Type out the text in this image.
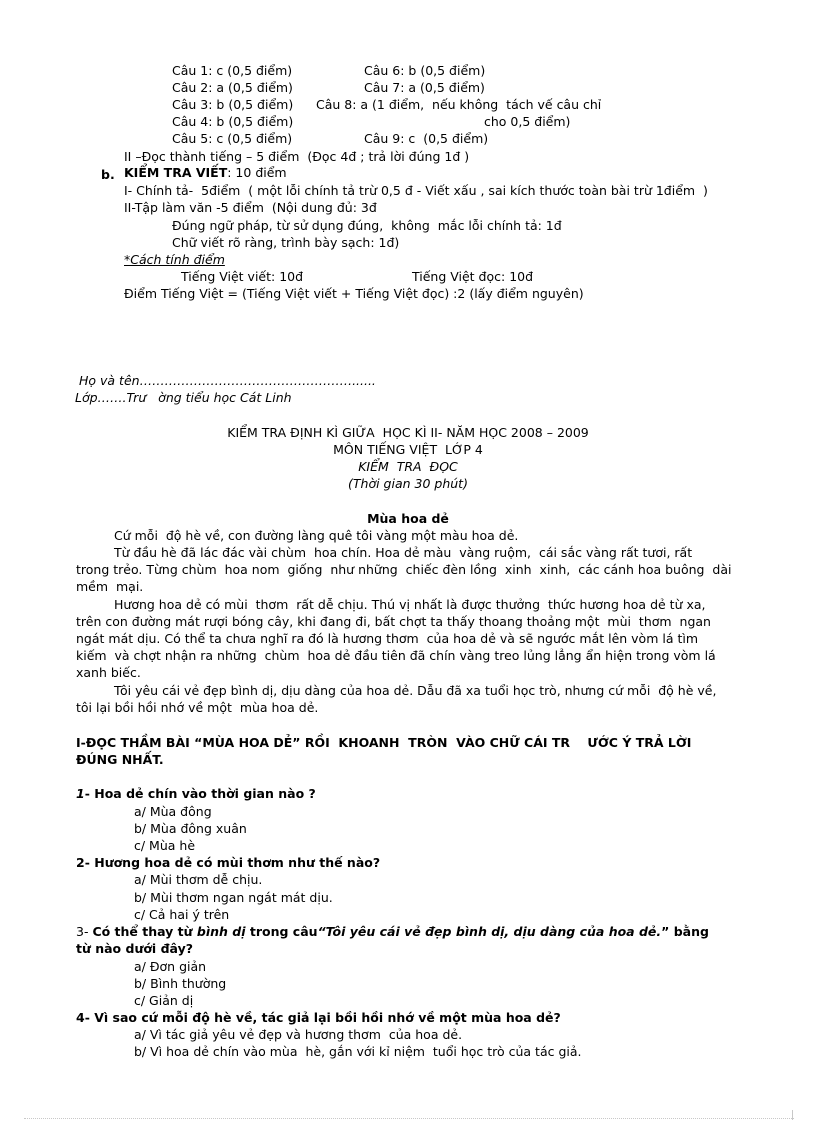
Câu 1: c (0,5 điểm)	Câu 6: b (0,5 điểm)
Câu 2: a (0,5 điểm)	Câu 7: a (0,5 điểm)
Câu 3: b (0,5 điểm) Câu 8: a (1 điểm,  nếu không  tách vế câu chỉ
Câu 4: b (0,5 điểm)	cho 0,5 điểm)
Câu 5: c (0,5 điểm)	Câu 9: c  (0,5 điểm)
II –Đọc thành tiếng – 5 điểm  (Đọc 4đ ; trả lời đúng 1đ )
b. KIỂM TRA VIẾT: 10 điểm
I- Chính tả-  5điểm  ( một lỗi chính tả trừ 0,5 đ - Viết xấu , sai kích thước toàn bài trừ 1điểm  )
II-Tập làm văn -5 điểm  (Nội dung đủ: 3đ
Đúng ngữ pháp, từ sử dụng đúng,  không  mắc lỗi chính tả: 1đ
Chữ viết rõ ràng, trình bày sạch: 1đ)
*Cách tính điểm
Tiếng Việt viết: 10đ	Tiếng Việt đọc: 10đ
Điểm Tiếng Việt = (Tiếng Việt viết + Tiếng Việt đọc) :2 (lấy điểm nguyên)
Họ và tên……………………………………………......
Lớp…….Trư   ờng tiểu học Cát Linh
KIỂM TRA ĐỊNH KÌ GIỮA  HỌC KÌ II- NĂM HỌC 2008 – 2009
MÔN TIẾNG VIỆT  LỚP 4
KIỂM  TRA  ĐỌC
(Thời gian 30 phút)
Mùa hoa dẻ
Cứ mỗi  độ hè về, con đường làng quê tôi vàng một màu hoa dẻ.
Từ đầu hè đã lác đác vài chùm  hoa chín. Hoa dẻ màu  vàng ruộm,  cái sắc vàng rất tươi, rất
trong trẻo. Từng chùm  hoa nom  giống  như những  chiếc đèn lồng  xinh  xinh,  các cánh hoa buông  dài
mềm  mại.
Hương hoa dẻ có mùi  thơm  rất dễ chịu. Thú vị nhất là được thưởng  thức hương hoa dẻ từ xa,
trên con đường mát rượi bóng cây, khi đang đi, bất chợt ta thấy thoang thoảng một  mùi  thơm  ngan
ngát mát dịu. Có thể ta chưa nghĩ ra đó là hương thơm  của hoa dẻ và sẽ ngước mắt lên vòm lá tìm
kiếm  và chợt nhận ra những  chùm  hoa dẻ đầu tiên đã chín vàng treo lủng lẳng ẩn hiện trong vòm lá
xanh biếc.
Tôi yêu cái vẻ đẹp bình dị, dịu dàng của hoa dẻ. Dẫu đã xa tuổi học trò, nhưng cứ mỗi  độ hè về,
tôi lại bồi hồi nhớ về một  mùa hoa dẻ.
I-ĐỌC THẦM BÀI “MÙA HOA DẺ” RỒI  KHOANH  TRÒN  VÀO CHỮ CÁI TR    ƯỚC Ý TRẢ LỜI
ĐÚNG NHẤT.
1- Hoa dẻ chín vào thời gian nào ?
a/ Mùa đông
b/ Mùa đông xuân
c/ Mùa hè
2- Hương hoa dẻ có mùi thơm như thế nào?
a/ Mùi thơm dễ chịu.
b/ Mùi thơm ngan ngát mát dịu.
c/ Cả hai ý trên
3- Có thể thay từ bình dị trong câu“Tôi yêu cái vẻ đẹp bình dị, dịu dàng của hoa dẻ.” bằng
từ nào dưới đây?
a/ Đơn giản
b/ Bình thường
c/ Giản dị
4- Vì sao cứ mỗi độ hè về, tác giả lại bồi hồi nhớ về một mùa hoa dẻ?
a/ Vì tác giả yêu vẻ đẹp và hương thơm  của hoa dẻ.
b/ Vì hoa dẻ chín vào mùa  hè, gắn với kỉ niệm  tuổi học trò của tác giả.
